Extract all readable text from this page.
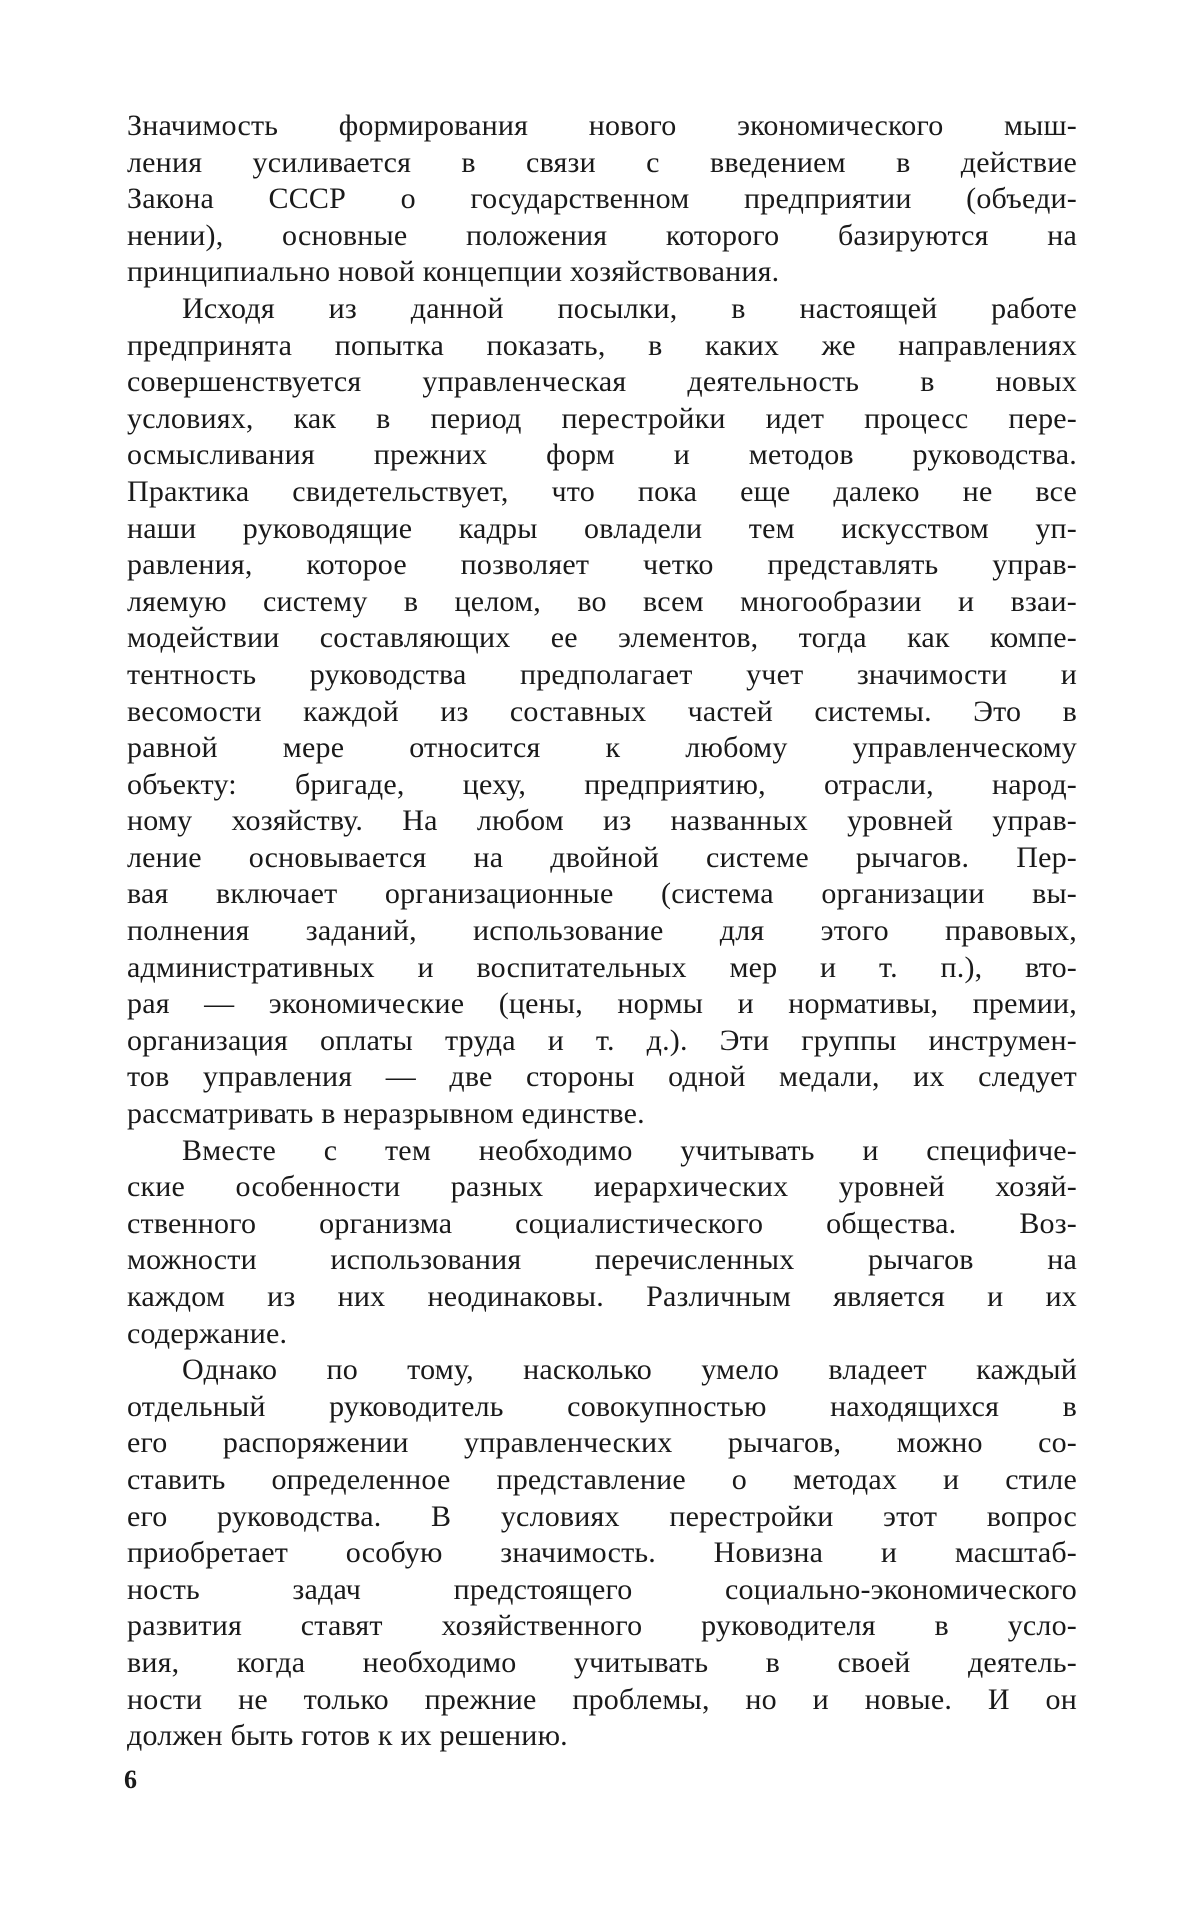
Значимость формирования нового экономического мыш-
ления усиливается в связи с введением в действие
Закона СССР о государственном предприятии (объеди-
нении), основные положения которого базируются на
принципиально новой концепции хозяйствования.
Исходя из данной посылки, в настоящей работе
предпринята попытка показать, в каких же направлениях
совершенствуется управленческая деятельность в новых
условиях, как в период перестройки идет процесс пере-
осмысливания прежних форм и методов руководства.
Практика свидетельствует, что пока еще далеко не все
наши руководящие кадры овладели тем искусством уп-
равления, которое позволяет четко представлять управ-
ляемую систему в целом, во всем многообразии и взаи-
модействии составляющих ее элементов, тогда как компе-
тентность руководства предполагает учет значимости и
весомости каждой из составных частей системы. Это в
равной мере относится к любому управленческому
объекту: бригаде, цеху, предприятию, отрасли, народ-
ному хозяйству. На любом из названных уровней управ-
ление основывается на двойной системе рычагов. Пер-
вая включает организационные (система организации вы-
полнения заданий, использование для этого правовых,
административных и воспитательных мер и т. п.), вто-
рая — экономические (цены, нормы и нормативы, премии,
организация оплаты труда и т. д.). Эти группы инструмен-
тов управления — две стороны одной медали, их следует
рассматривать в неразрывном единстве.
Вместе с тем необходимо учитывать и специфиче-
ские особенности разных иерархических уровней хозяй-
ственного организма социалистического общества. Воз-
можности использования перечисленных рычагов на
каждом из них неодинаковы. Различным является и их
содержание.
Однако по тому, насколько умело владеет каждый
отдельный руководитель совокупностью находящихся в
его распоряжении управленческих рычагов, можно со-
ставить определенное представление о методах и стиле
его руководства. В условиях перестройки этот вопрос
приобретает особую значимость. Новизна и масштаб-
ность задач предстоящего социально-экономического
развития ставят хозяйственного руководителя в усло-
вия, когда необходимо учитывать в своей деятель-
ности не только прежние проблемы, но и новые. И он
должен быть готов к их решению.
6
